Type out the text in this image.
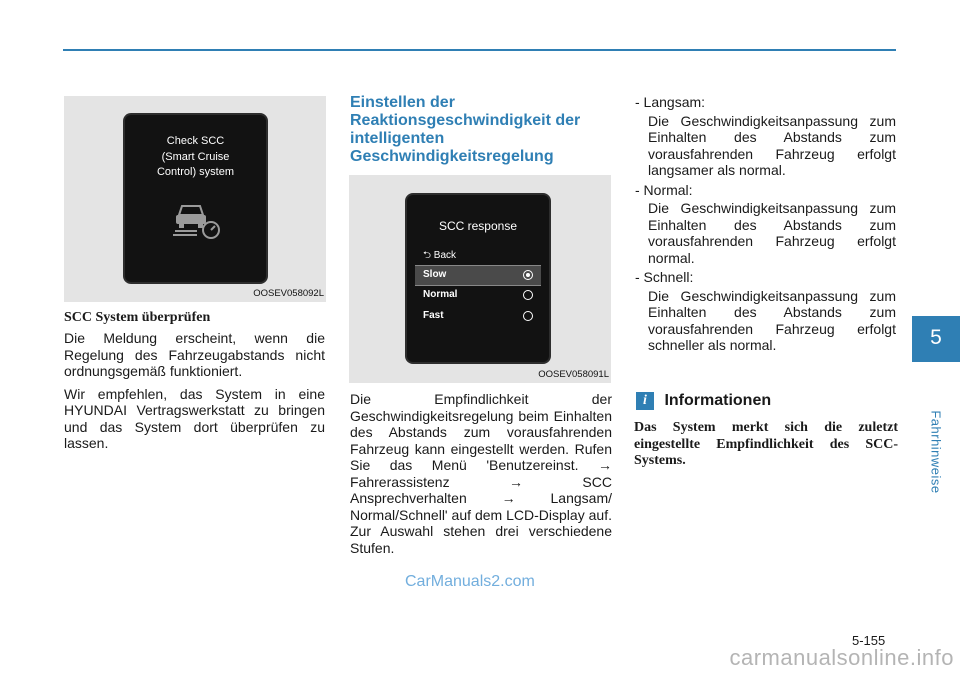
Check SCC
(Smart Cruise
Control) system
OOSEV058092L
SCC System überprüfen

Die Meldung erscheint, wenn die Regelung des Fahrzeugabstands nicht ordnungsgemäß funktioniert.

Wir empfehlen, das System in eine HYUNDAI Vertragswerkstatt zu bringen und das System dort überprüfen zu lassen.

Einstellen der Reaktionsgeschwindigkeit der intelligenten Geschwindigkeitsregelung
SCC response
⮌ Back
Slow
Normal
Fast
OOSEV058091L

Die Empfindlichkeit der Geschwindigkeitsregelung beim Einhalten des Abstands zum vorausfahrenden Fahrzeug kann eingestellt werden. Rufen Sie das Menü 'Benutzereinst. → Fahrerassistenz → SCC Ansprechverhalten → Langsam/ Normal/Schnell' auf dem LCD-Display auf. Zur Auswahl stehen drei verschiedene Stufen.

- Langsam:
Die Geschwindigkeitsanpassung zum Einhalten des Abstands zum vorausfahrenden Fahrzeug erfolgt langsamer als normal.
- Normal:
Die Geschwindigkeitsanpassung zum Einhalten des Abstands zum vorausfahrenden Fahrzeug erfolgt normal.
- Schnell:
Die Geschwindigkeitsanpassung zum Einhalten des Abstands zum vorausfahrenden Fahrzeug erfolgt schneller als normal.
i Informationen
Das System merkt sich die zuletzt eingestellte Empfindlichkeit des SCC-Systems.
5
Fahrhinweise
CarManuals2.com
5-155
carmanualsonline.info
